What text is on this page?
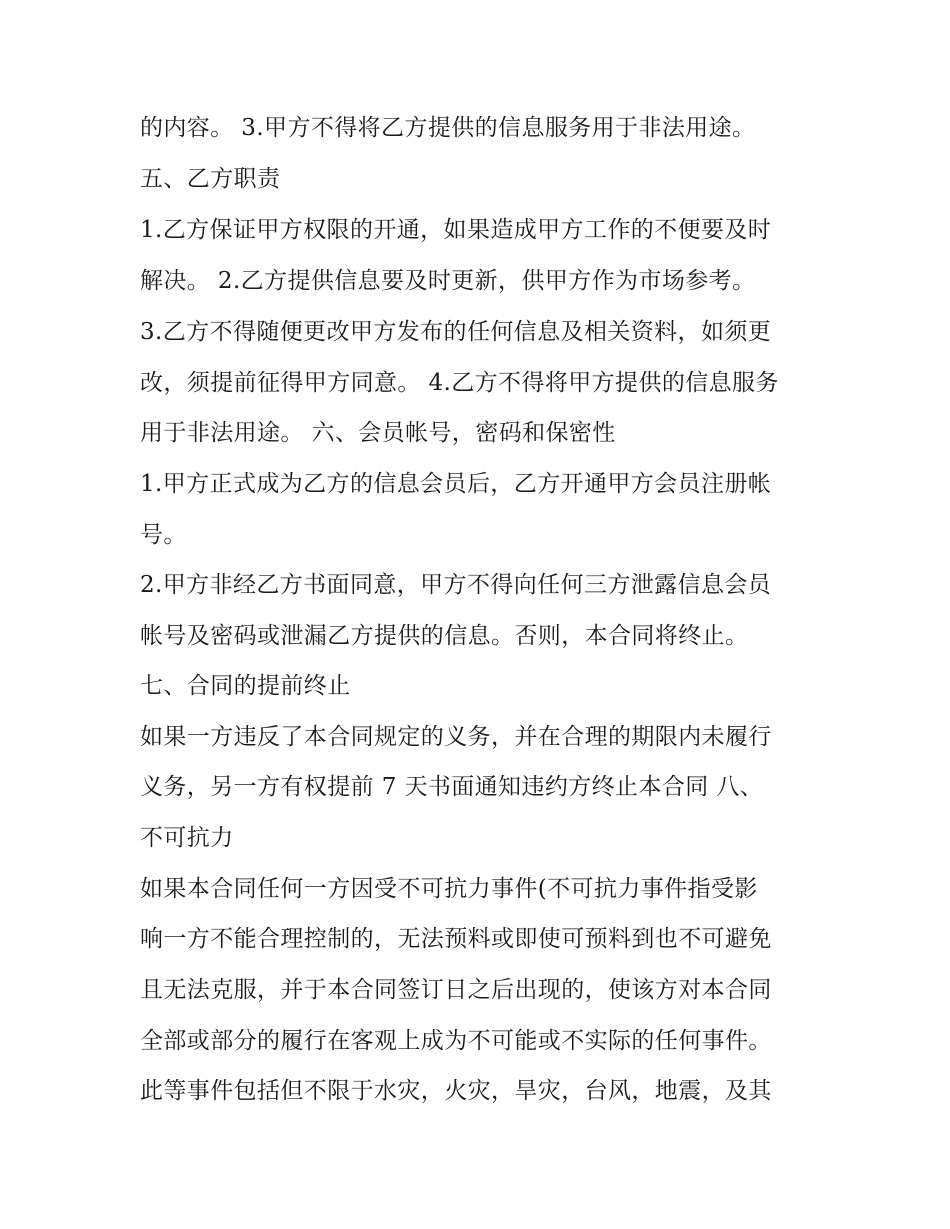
的内容。 3.甲方不得将乙方提供的信息服务用于非法用途。
五、乙方职责
1.乙方保证甲方权限的开通，如果造成甲方工作的不便要及时
解决。 2.乙方提供信息要及时更新，供甲方作为市场参考。
3.乙方不得随便更改甲方发布的任何信息及相关资料，如须更
改，须提前征得甲方同意。 4.乙方不得将甲方提供的信息服务
用于非法用途。 六、会员帐号，密码和保密性
1.甲方正式成为乙方的信息会员后，乙方开通甲方会员注册帐
号。
2.甲方非经乙方书面同意，甲方不得向任何三方泄露信息会员
帐号及密码或泄漏乙方提供的信息。否则，本合同将终止。
七、合同的提前终止
如果一方违反了本合同规定的义务，并在合理的期限内未履行
义务，另一方有权提前 7 天书面通知违约方终止本合同 八、
不可抗力
如果本合同任何一方因受不可抗力事件(不可抗力事件指受影
响一方不能合理控制的，无法预料或即使可预料到也不可避免
且无法克服，并于本合同签订日之后出现的，使该方对本合同
全部或部分的履行在客观上成为不可能或不实际的任何事件。
此等事件包括但不限于水灾，火灾，旱灾，台风，地震，及其
